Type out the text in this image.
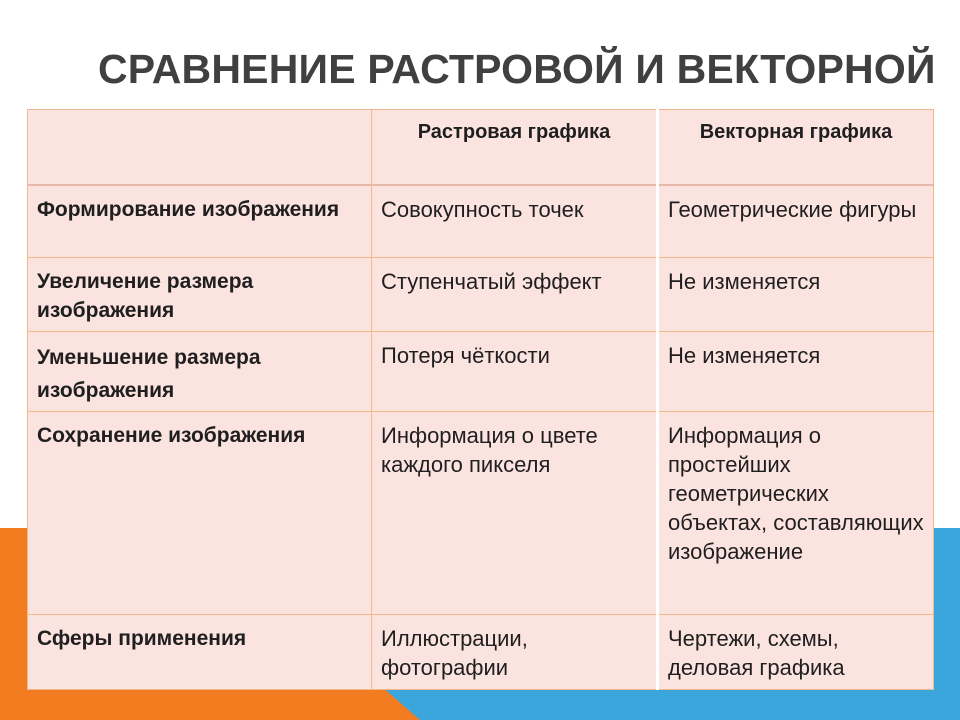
СРАВНЕНИЕ РАСТРОВОЙ И ВЕКТОРНОЙ
	Растровая графика	Векторная графика
Формирование изображения	Совокупность точек	Геометрические фигуры
Увеличение размера изображения	Ступенчатый эффект	Не изменяется
Уменьшение размера изображения	Потеря чёткости	Не изменяется
Сохранение изображения	Информация о цвете каждого пикселя	Информация о простейших геометрических объектах, составляющих изображение
Сферы применения	Иллюстрации, фотографии	Чертежи, схемы, деловая графика
